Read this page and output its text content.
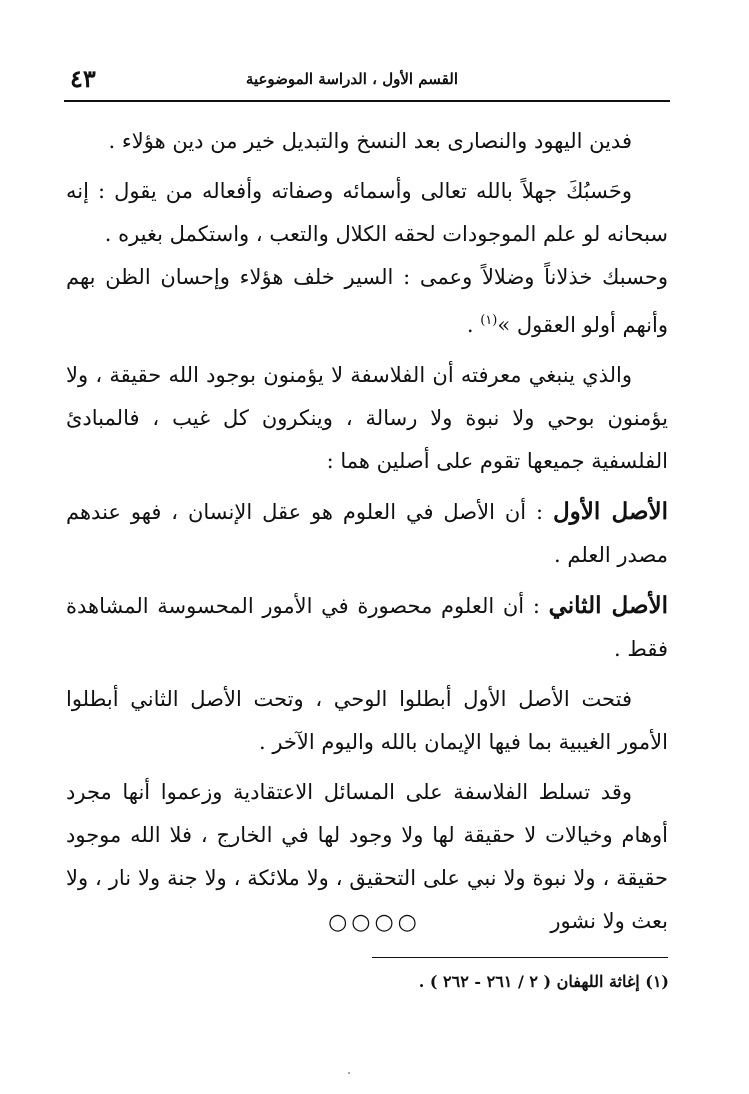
القسم الأول ، الدراسة الموضوعية
٤٣

فدين اليهود والنصارى بعد النسخ والتبديل خير من دين هؤلاء .

وحَسبُكَ جهلاً بالله تعالى وأسمائه وصفاته وأفعاله من يقول : إنه سبحانه لو علم الموجودات لحقه الكلال والتعب ، واستكمل بغيره .

وحسبك خذلاناً وضلالاً وعمى : السير خلف هؤلاء وإحسان الظن بهم وأنهم أولو العقول »$^{(١)}$ .

والذي ينبغي معرفته أن الفلاسفة لا يؤمنون بوجود الله حقيقة ، ولا يؤمنون بوحي ولا نبوة ولا رسالة ، وينكرون كل غيب ، فالمبادئ الفلسفية جميعها تقوم على أصلين هما :

الأصل الأول : أن الأصل في العلوم هو عقل الإنسان ، فهو عندهم مصدر العلم .

الأصل الثاني : أن العلوم محصورة في الأمور المحسوسة المشاهدة فقط .

فتحت الأصل الأول أبطلوا الوحي ، وتحت الأصل الثاني أبطلوا الأمور الغيبية بما فيها الإيمان بالله واليوم الآخر .

وقد تسلط الفلاسفة على المسائل الاعتقادية وزعموا أنها مجرد أوهام وخيالات لا حقيقة لها ولا وجود لها في الخارج ، فلا الله موجود حقيقة ، ولا نبوة ولا نبي على التحقيق ، ولا ملائكة ، ولا جنة ولا نار ، ولا بعث ولا نشور

○○○○
(١) إغاثة اللهفان ( ٢ / ٢٦١ - ٢٦٢ ) .
